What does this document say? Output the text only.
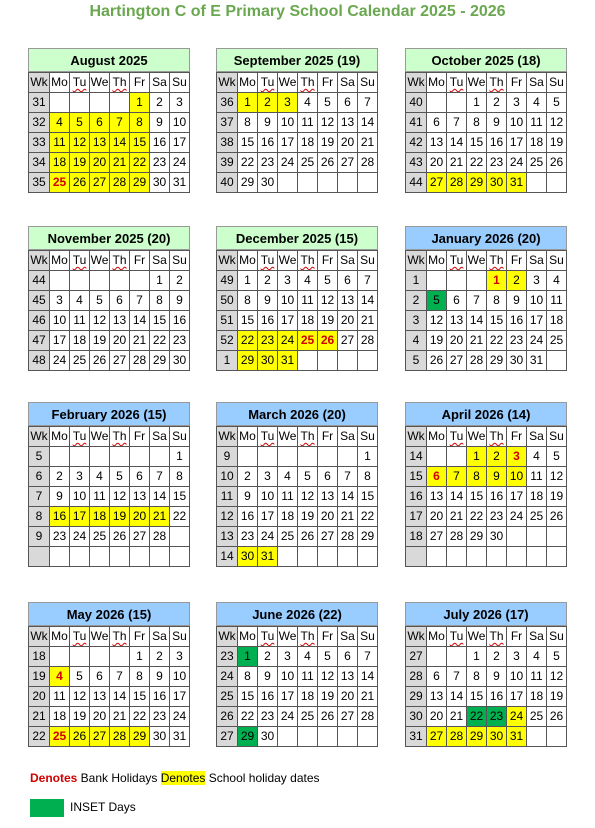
Hartington C of E Primary School Calendar 2025 - 2026
August 2025
Wk	Mo	Tu	We	Th	Fr	Sa	Su
31					1	2	3
32	4	5	6	7	8	9	10
33	11	12	13	14	15	16	17
34	18	19	20	21	22	23	24
35	25	26	27	28	29	30	31
September 2025 (19)
Wk	Mo	Tu	We	Th	Fr	Sa	Su
36	1	2	3	4	5	6	7
37	8	9	10	11	12	13	14
38	15	16	17	18	19	20	21
39	22	23	24	25	26	27	28
40	29	30					
October 2025 (18)
Wk	Mo	Tu	We	Th	Fr	Sa	Su
40			1	2	3	4	5
41	6	7	8	9	10	11	12
42	13	14	15	16	17	18	19
43	20	21	22	23	24	25	26
44	27	28	29	30	31		
November 2025 (20)
Wk	Mo	Tu	We	Th	Fr	Sa	Su
44						1	2
45	3	4	5	6	7	8	9
46	10	11	12	13	14	15	16
47	17	18	19	20	21	22	23
48	24	25	26	27	28	29	30
December 2025 (15)
Wk	Mo	Tu	We	Th	Fr	Sa	Su
49	1	2	3	4	5	6	7
50	8	9	10	11	12	13	14
51	15	16	17	18	19	20	21
52	22	23	24	25	26	27	28
1	29	30	31				
January 2026 (20)
Wk	Mo	Tu	We	Th	Fr	Sa	Su
1				1	2	3	4
2	5	6	7	8	9	10	11
3	12	13	14	15	16	17	18
4	19	20	21	22	23	24	25
5	26	27	28	29	30	31	
February 2026 (15)
Wk	Mo	Tu	We	Th	Fr	Sa	Su
5							1
6	2	3	4	5	6	7	8
7	9	10	11	12	13	14	15
8	16	17	18	19	20	21	22
9	23	24	25	26	27	28	

March 2026 (20)
Wk	Mo	Tu	We	Th	Fr	Sa	Su
9							1
10	2	3	4	5	6	7	8
11	9	10	11	12	13	14	15
12	16	17	18	19	20	21	22
13	23	24	25	26	27	28	29
14	30	31					
April 2026 (14)
Wk	Mo	Tu	We	Th	Fr	Sa	Su
14			1	2	3	4	5
15	6	7	8	9	10	11	12
16	13	14	15	16	17	18	19
17	20	21	22	23	24	25	26
18	27	28	29	30			

May 2026 (15)
Wk	Mo	Tu	We	Th	Fr	Sa	Su
18					1	2	3
19	4	5	6	7	8	9	10
20	11	12	13	14	15	16	17
21	18	19	20	21	22	23	24
22	25	26	27	28	29	30	31
June 2026 (22)
Wk	Mo	Tu	We	Th	Fr	Sa	Su
23	1	2	3	4	5	6	7
24	8	9	10	11	12	13	14
25	15	16	17	18	19	20	21
26	22	23	24	25	26	27	28
27	29	30					
July 2026 (17)
Wk	Mo	Tu	We	Th	Fr	Sa	Su
27			1	2	3	4	5
28	6	7	8	9	10	11	12
29	13	14	15	16	17	18	19
30	20	21	22	23	24	25	26
31	27	28	29	30	31		
Denotes Bank Holidays Denotes School holiday dates
INSET Days
